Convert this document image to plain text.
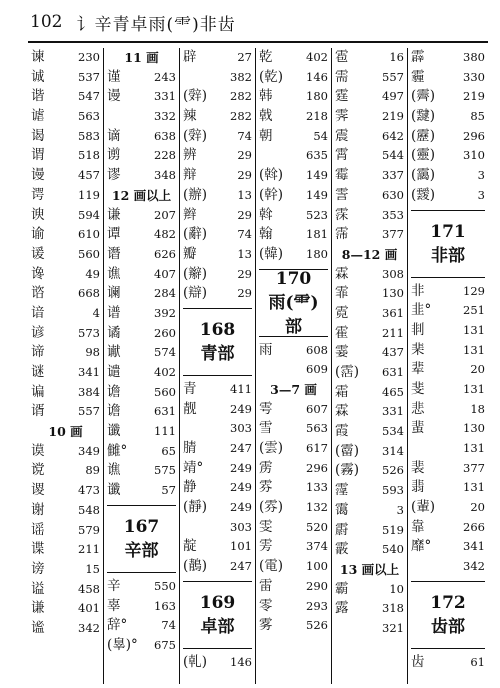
102 讠辛青卓雨(⻗)非齿
谏	230
诚	537
谐	547
谑	563
谒	583
谓	518
谩	457
谔	119
谀	594
谕	610
谖	560
谗	49
谘	668
谙	4
谚	573
谛	98
谜	341
谝	384
谞	557
10 画
谟	349
谠	89
谡	473
谢	548
谣	579
谍	211
谤	15
谥	458
谦	401
谧	342
11 画
谨	243
谩	331
332
谪	638
谫	228
谬	348
12 画以上
谦	207
谭	482
谮	626
谯	407
谰	284
谱	392
谲	260
谳	574
谴	402
谵	560
谵	631
谶	111
雠°	65
谯	575
谶	57
167
辛部
辛	550
辜	163
辞°	74
(辠)° 675
辟	27
382
(辤) 282
辣	282
(辤)	74
辨	29
辩	29
(辦)	13
辫	29
(辭)	74
瓣	13
(辮)	29
(辯)	29
168
青部
青	411
靓	249
303
腈	247
靖° 249
静	249
(靜) 249
303
靛	101
(鶄) 247
169
卓部
(乹) 146
乾	402
(乾) 146
韩	180
戟	218
朝	54
635
(斡) 149
(幹) 149
斡	523
翰	181
(韓) 180
170
雨(⻗)
部
雨	608
609
3—7 画
雩	607
雪	563
(雲) 617
雳	296
雰	133
(雰) 132
雯	520
雱	374
(電) 100
雷	290
零	293
雾	526
雹	16
需	557
霆	497
霁	219
震	642
霄	544
霉	337
霅	630
霂	353
霈	377
8—12 画
霖	308
霏	130
霓	361
霍	211
霎	437
(霑) 631
霜	465
霖	331
霞	534
(霤) 314
(霧) 526
霪	593
霭	3
霨	519
霰	540
13 画以上
霸	10
露	318
321
霹	380
霾	330
(霽) 219
(靆)	85
(靂) 296
(靈) 310
(靄)	3
(靉)	3
171
非部
非	129
韭°	251
剕	131
棐	131
辈	20
斐	131
悲	18
蜚	130
131
裴	377
翡	131
(輩)	20
靠	266
靡°	341
342
172
齿部
齿	61
